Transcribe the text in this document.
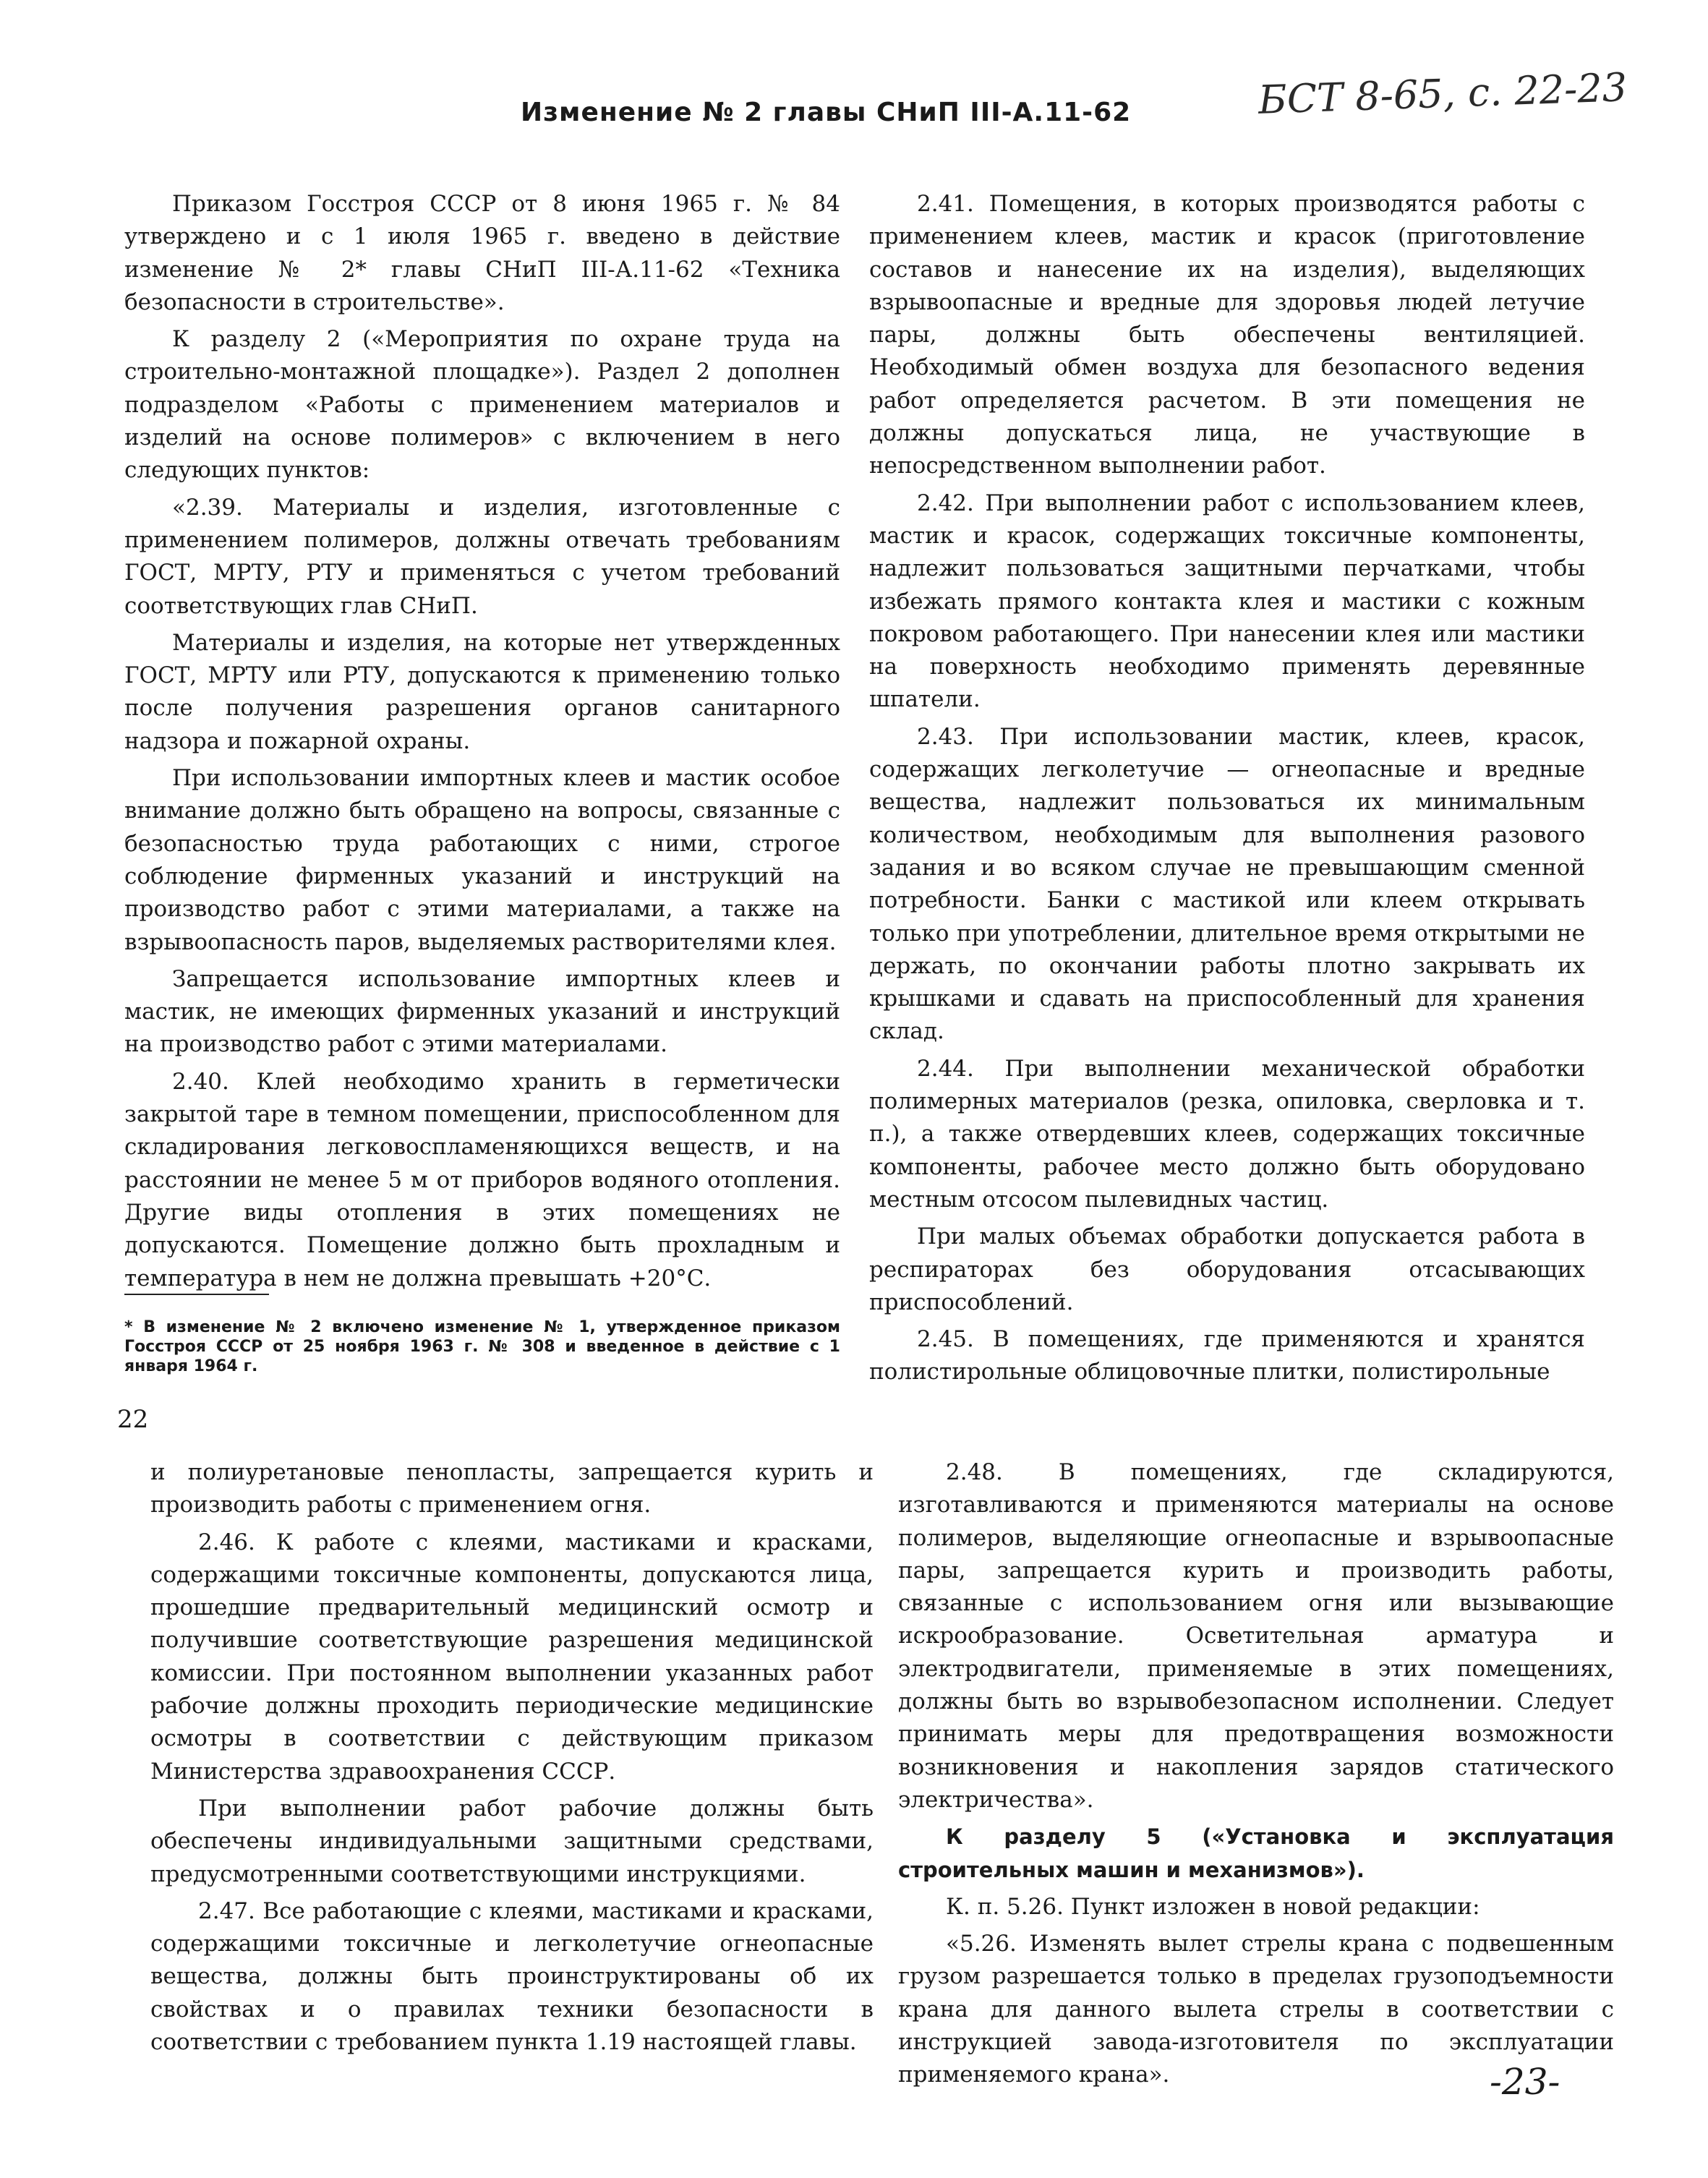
Изменение № 2 главы СНиП III-А.11-62	БСТ 8-65, с. 22-23

Приказом Госстроя СССР от 8 июня 1965 г. № 84 утверждено и с 1 июля 1965 г. введено в действие изменение № 2* главы СНиП III-А.11-62 «Техника безопасности в строительстве».

К разделу 2 («Мероприятия по охране труда на строительно-монтажной площадке»). Раздел 2 дополнен подразделом «Работы с применением материалов и изделий на основе полимеров» с включением в него следующих пунктов:

«2.39. Материалы и изделия, изготовленные с применением полимеров, должны отвечать требованиям ГОСТ, МРТУ, РТУ и применяться с учетом требований соответствующих глав СНиП.

Материалы и изделия, на которые нет утвержденных ГОСТ, МРТУ или РТУ, допускаются к применению только после получения разрешения органов санитарного надзора и пожарной охраны.

При использовании импортных клеев и мастик особое внимание должно быть обращено на вопросы, связанные с безопасностью труда работающих с ними, строгое соблюдение фирменных указаний и инструкций на производство работ с этими материалами, а также на взрывоопасность паров, выделяемых растворителями клея.

Запрещается использование импортных клеев и мастик, не имеющих фирменных указаний и инструкций на производство работ с этими материалами.

2.40. Клей необходимо хранить в герметически закрытой таре в темном помещении, приспособленном для складирования легковоспламеняющихся веществ, и на расстоянии не менее 5 м от приборов водяного отопления. Другие виды отопления в этих помещениях не допускаются. Помещение должно быть прохладным и температура в нем не должна превышать +20°С.

2.41. Помещения, в которых производятся работы с применением клеев, мастик и красок (приготовление составов и нанесение их на изделия), выделяющих взрывоопасные и вредные для здоровья людей летучие пары, должны быть обеспечены вентиляцией. Необходимый обмен воздуха для безопасного ведения работ определяется расчетом. В эти помещения не должны допускаться лица, не участвующие в непосредственном выполнении работ.

2.42. При выполнении работ с использованием клеев, мастик и красок, содержащих токсичные компоненты, надлежит пользоваться защитными перчатками, чтобы избежать прямого контакта клея и мастики с кожным покровом работающего. При нанесении клея или мастики на поверхность необходимо применять деревянные шпатели.

2.43. При использовании мастик, клеев, красок, содержащих легколетучие — огнеопасные и вредные вещества, надлежит пользоваться их минимальным количеством, необходимым для выполнения разового задания и во всяком случае не превышающим сменной потребности. Банки с мастикой или клеем открывать только при употреблении, длительное время открытыми не держать, по окончании работы плотно закрывать их крышками и сдавать на приспособленный для хранения склад.

2.44. При выполнении механической обработки полимерных материалов (резка, опиловка, сверловка и т. п.), а также отвердевших клеев, содержащих токсичные компоненты, рабочее место должно быть оборудовано местным отсосом пылевидных частиц.

При малых объемах обработки допускается работа в респираторах без оборудования отсасывающих приспособлений.

2.45. В помещениях, где применяются и хранятся полистирольные облицовочные плитки, полистирольные

* В изменение № 2 включено изменение № 1, утвержденное приказом Госстроя СССР от 25 ноября 1963 г. № 308 и введенное в действие с 1 января 1964 г.

22

и полиуретановые пенопласты, запрещается курить и производить работы с применением огня.

2.46. К работе с клеями, мастиками и красками, содержащими токсичные компоненты, допускаются лица, прошедшие предварительный медицинский осмотр и получившие соответствующие разрешения медицинской комиссии. При постоянном выполнении указанных работ рабочие должны проходить периодические медицинские осмотры в соответствии с действующим приказом Министерства здравоохранения СССР.

При выполнении работ рабочие должны быть обеспечены индивидуальными защитными средствами, предусмотренными соответствующими инструкциями.

2.47. Все работающие с клеями, мастиками и красками, содержащими токсичные и легколетучие огнеопасные вещества, должны быть проинструктированы об их свойствах и о правилах техники безопасности в соответствии с требованием пункта 1.19 настоящей главы.

2.48. В помещениях, где складируются, изготавливаются и применяются материалы на основе полимеров, выделяющие огнеопасные и взрывоопасные пары, запрещается курить и производить работы, связанные с использованием огня или вызывающие искрообразование. Осветительная арматура и электродвигатели, применяемые в этих помещениях, должны быть во взрывобезопасном исполнении. Следует принимать меры для предотвращения возможности возникновения и накопления зарядов статического электричества».

К разделу 5 («Установка и эксплуатация строительных машин и механизмов»).

К. п. 5.26. Пункт изложен в новой редакции:

«5.26. Изменять вылет стрелы крана с подвешенным грузом разрешается только в пределах грузоподъемности крана для данного вылета стрелы в соответствии с инструкцией завода-изготовителя по эксплуатации применяемого крана».	-23-
